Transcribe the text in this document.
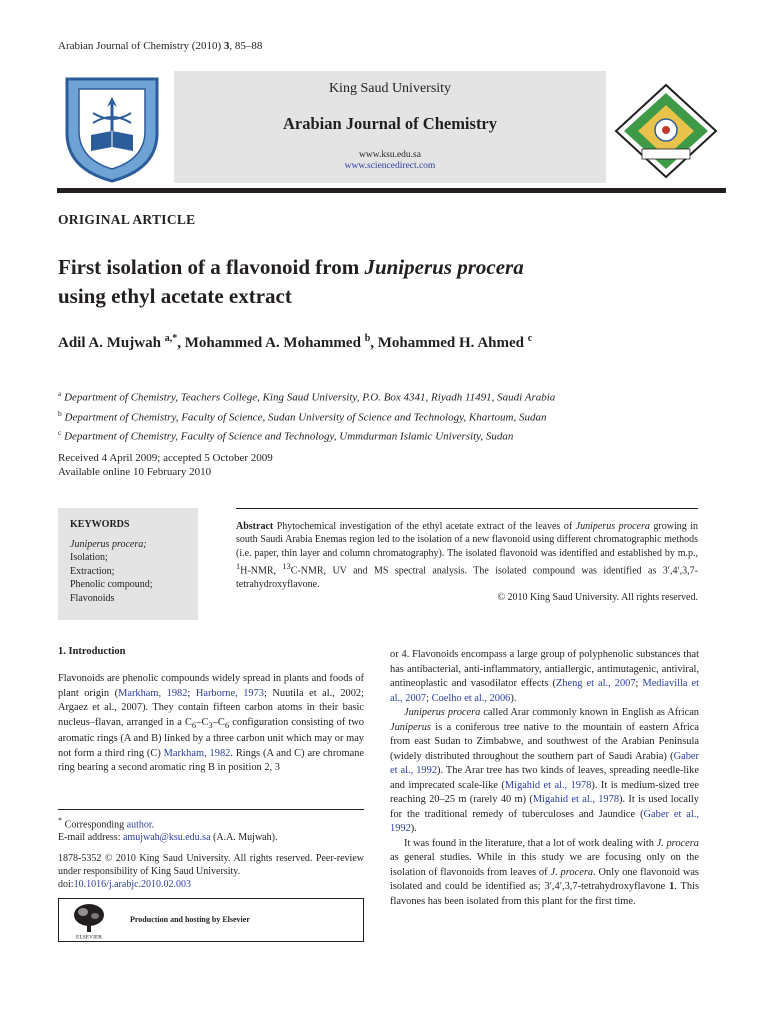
Arabian Journal of Chemistry (2010) 3, 85–88
King Saud University
Arabian Journal of Chemistry
www.ksu.edu.sa
www.sciencedirect.com
ORIGINAL ARTICLE
First isolation of a flavonoid from Juniperus procera
using ethyl acetate extract
Adil A. Mujwah $^{a,*}$, Mohammed A. Mohammed $^b$, Mohammed H. Ahmed $^c$
$^a$ Department of Chemistry, Teachers College, King Saud University, P.O. Box 4341, Riyadh 11491, Saudi Arabia
$^b$ Department of Chemistry, Faculty of Science, Sudan University of Science and Technology, Khartoum, Sudan
$^c$ Department of Chemistry, Faculty of Science and Technology, Ummdurman Islamic University, Sudan
Received 4 April 2009; accepted 5 October 2009
Available online 10 February 2010
KEYWORDS
Juniperus procera;
Isolation;
Extraction;
Phenolic compound;
Flavonoids
Abstract Phytochemical investigation of the ethyl acetate extract of the leaves of Juniperus procera growing in south Saudi Arabia Enemas region led to the isolation of a new flavonoid using different chromatographic methods (i.e. paper, thin layer and column chromatography). The isolated flavonoid was identified and established by m.p., $^1$H-NMR, $^{13}$C-NMR, UV and MS spectral analysis. The isolated compound was identified as 3′,4′,3,7-tetrahydroxyflavone.
© 2010 King Saud University. All rights reserved.
1. Introduction

Flavonoids are phenolic compounds widely spread in plants and foods of plant origin (Markham, 1982; Harborne, 1973; Nuutila et al., 2002; Argaez et al., 2007). They contain fifteen carbon atoms in their basic nucleus–flavan, arranged in a $C_6-C_3-C_6$ configuration consisting of two aromatic rings (A and B) linked by a three carbon unit which may or may not form a third ring (C) Markham, 1982. Rings (A and C) are chromane ring bearing a second aromatic ring B in position 2, 3

or 4. Flavonoids encompass a large group of polyphenolic substances that has antibacterial, anti-inflammatory, antiallergic, antimutagenic, antiviral, antineoplastic and vasodilator effects (Zheng et al., 2007; Mediavilla et al., 2007; Coelho et al., 2006).

Juniperus procera called Arar commonly known in English as African Juniperus is a coniferous tree native to the mountain of eastern Africa from east Sudan to Zimbabwe, and southwest of the Arabian Peninsula (widely distributed throughout the southern part of Saudi Arabia) (Gaber et al., 1992). The Arar tree has two kinds of leaves, spreading needle-like and imprecated scale-like (Migahid et al., 1978). It is medium-sized tree reaching 20–25 m (rarely 40 m) (Migahid et al., 1978). It is used locally for the traditional remedy of tuberculoses and Jaundice (Gaber et al., 1992).

It was found in the literature, that a lot of work dealing with J. procera as general studies. While in this study we are focusing only on the isolation of flavonoids from leaves of J. procera. Only one flavonoid was isolated and could be identified as; 3′,4′,3,7-tetrahydroxyflavone 1. This flavones has been isolated from this plant for the first time.

* Corresponding author.
E-mail address: amujwah@ksu.edu.sa (A.A. Mujwah).
1878-5352 © 2010 King Saud University. All rights reserved. Peer-review under responsibility of King Saud University.
doi:10.1016/j.arabjc.2010.02.003
ELSEVIER
Production and hosting by Elsevier
